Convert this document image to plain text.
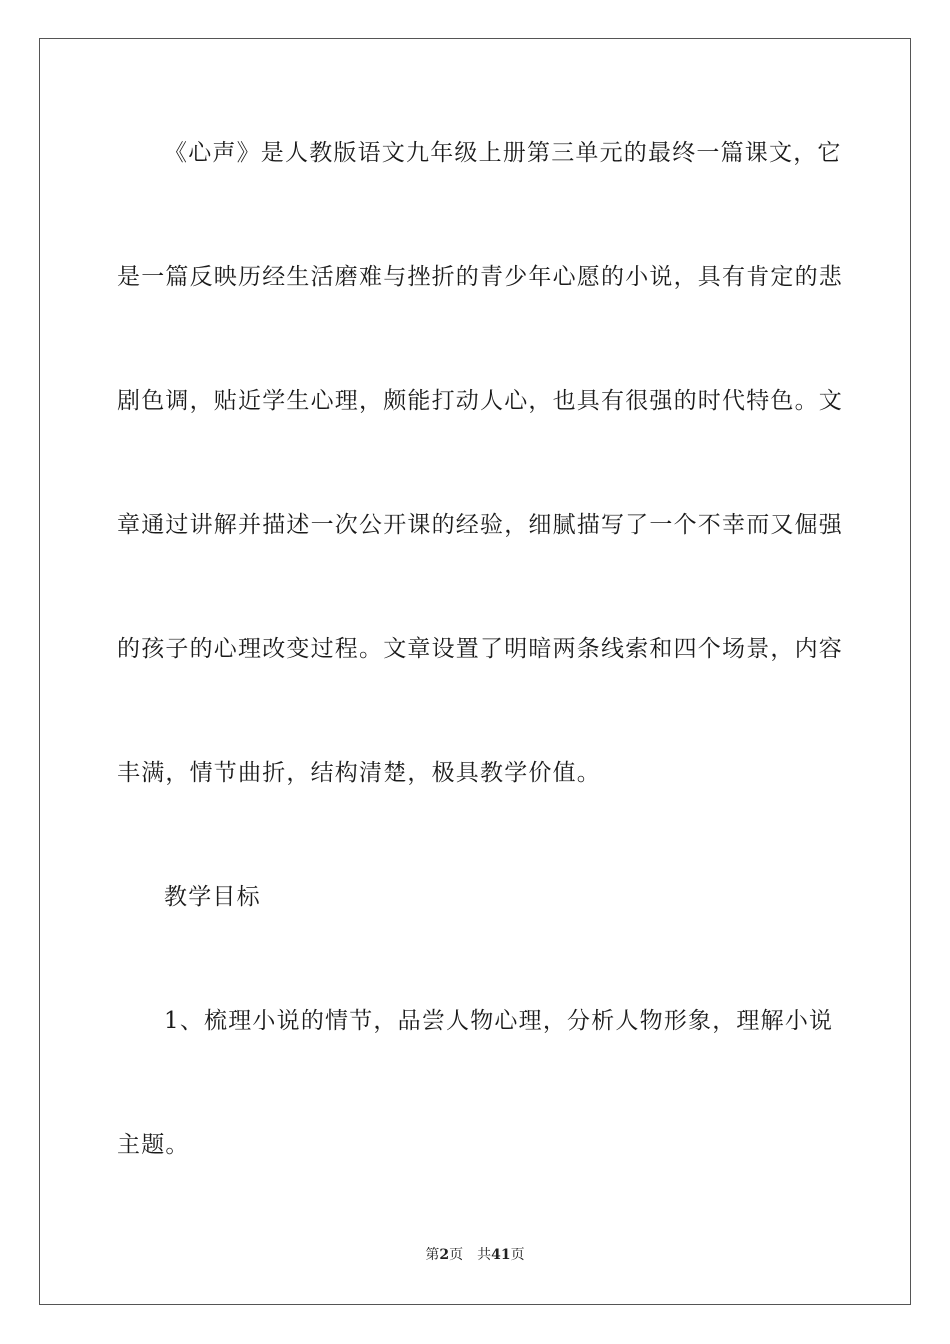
《心声》是人教版语文九年级上册第三单元的最终一篇课文，它
是一篇反映历经生活磨难与挫折的青少年心愿的小说，具有肯定的悲
剧色调，贴近学生心理，颇能打动人心，也具有很强的时代特色。文
章通过讲解并描述一次公开课的经验，细腻描写了一个不幸而又倔强
的孩子的心理改变过程。文章设置了明暗两条线索和四个场景，内容
丰满，情节曲折，结构清楚，极具教学价值。
教学目标
1、梳理小说的情节，品尝人物心理，分析人物形象，理解小说
主题。
第2页 共41页
